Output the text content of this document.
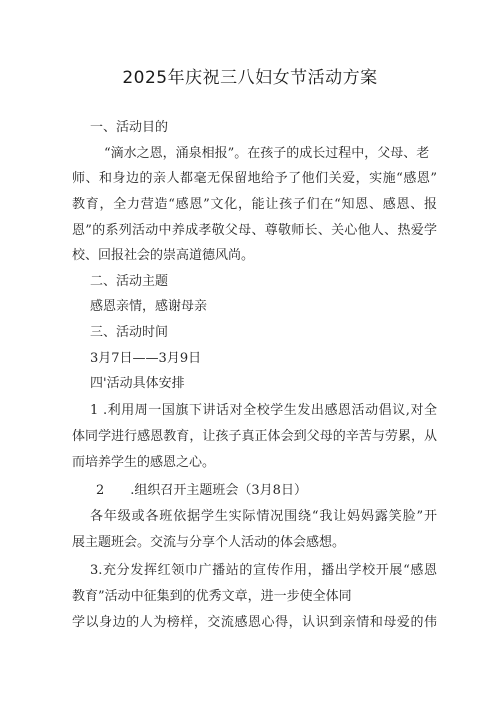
2025年庆祝三八妇女节活动方案
一、活动目的
“滴水之恩，涌泉相报”。在孩子的成长过程中，父母、老
师、和身边的亲人都毫无保留地给予了他们关爱，实施“感恩”
教育，全力营造“感恩”文化，能让孩子们在“知恩、感恩、报
恩”的系列活动中养成孝敬父母、尊敬师长、关心他人、热爱学
校、回报社会的崇高道德风尚。
二、活动主题
感恩亲情，感谢母亲
三、活动时间
3月7日——3月9日
四'活动具体安排
1 .利用周一国旗下讲话对全校学生发出感恩活动倡议,对全
体同学进行感恩教育，让孩子真正体会到父母的辛苦与劳累，从
而培养学生的感恩之心。
2　　.组织召开主题班会（3月8日）
各年级或各班依据学生实际情况围绕“我让妈妈露笑脸”开
展主题班会。交流与分享个人活动的体会感想。
3.充分发挥红领巾广播站的宣传作用，播出学校开展“感恩
教育”活动中征集到的优秀文章，进一步使全体同
学以身边的人为榜样，交流感恩心得，认识到亲情和母爱的伟
